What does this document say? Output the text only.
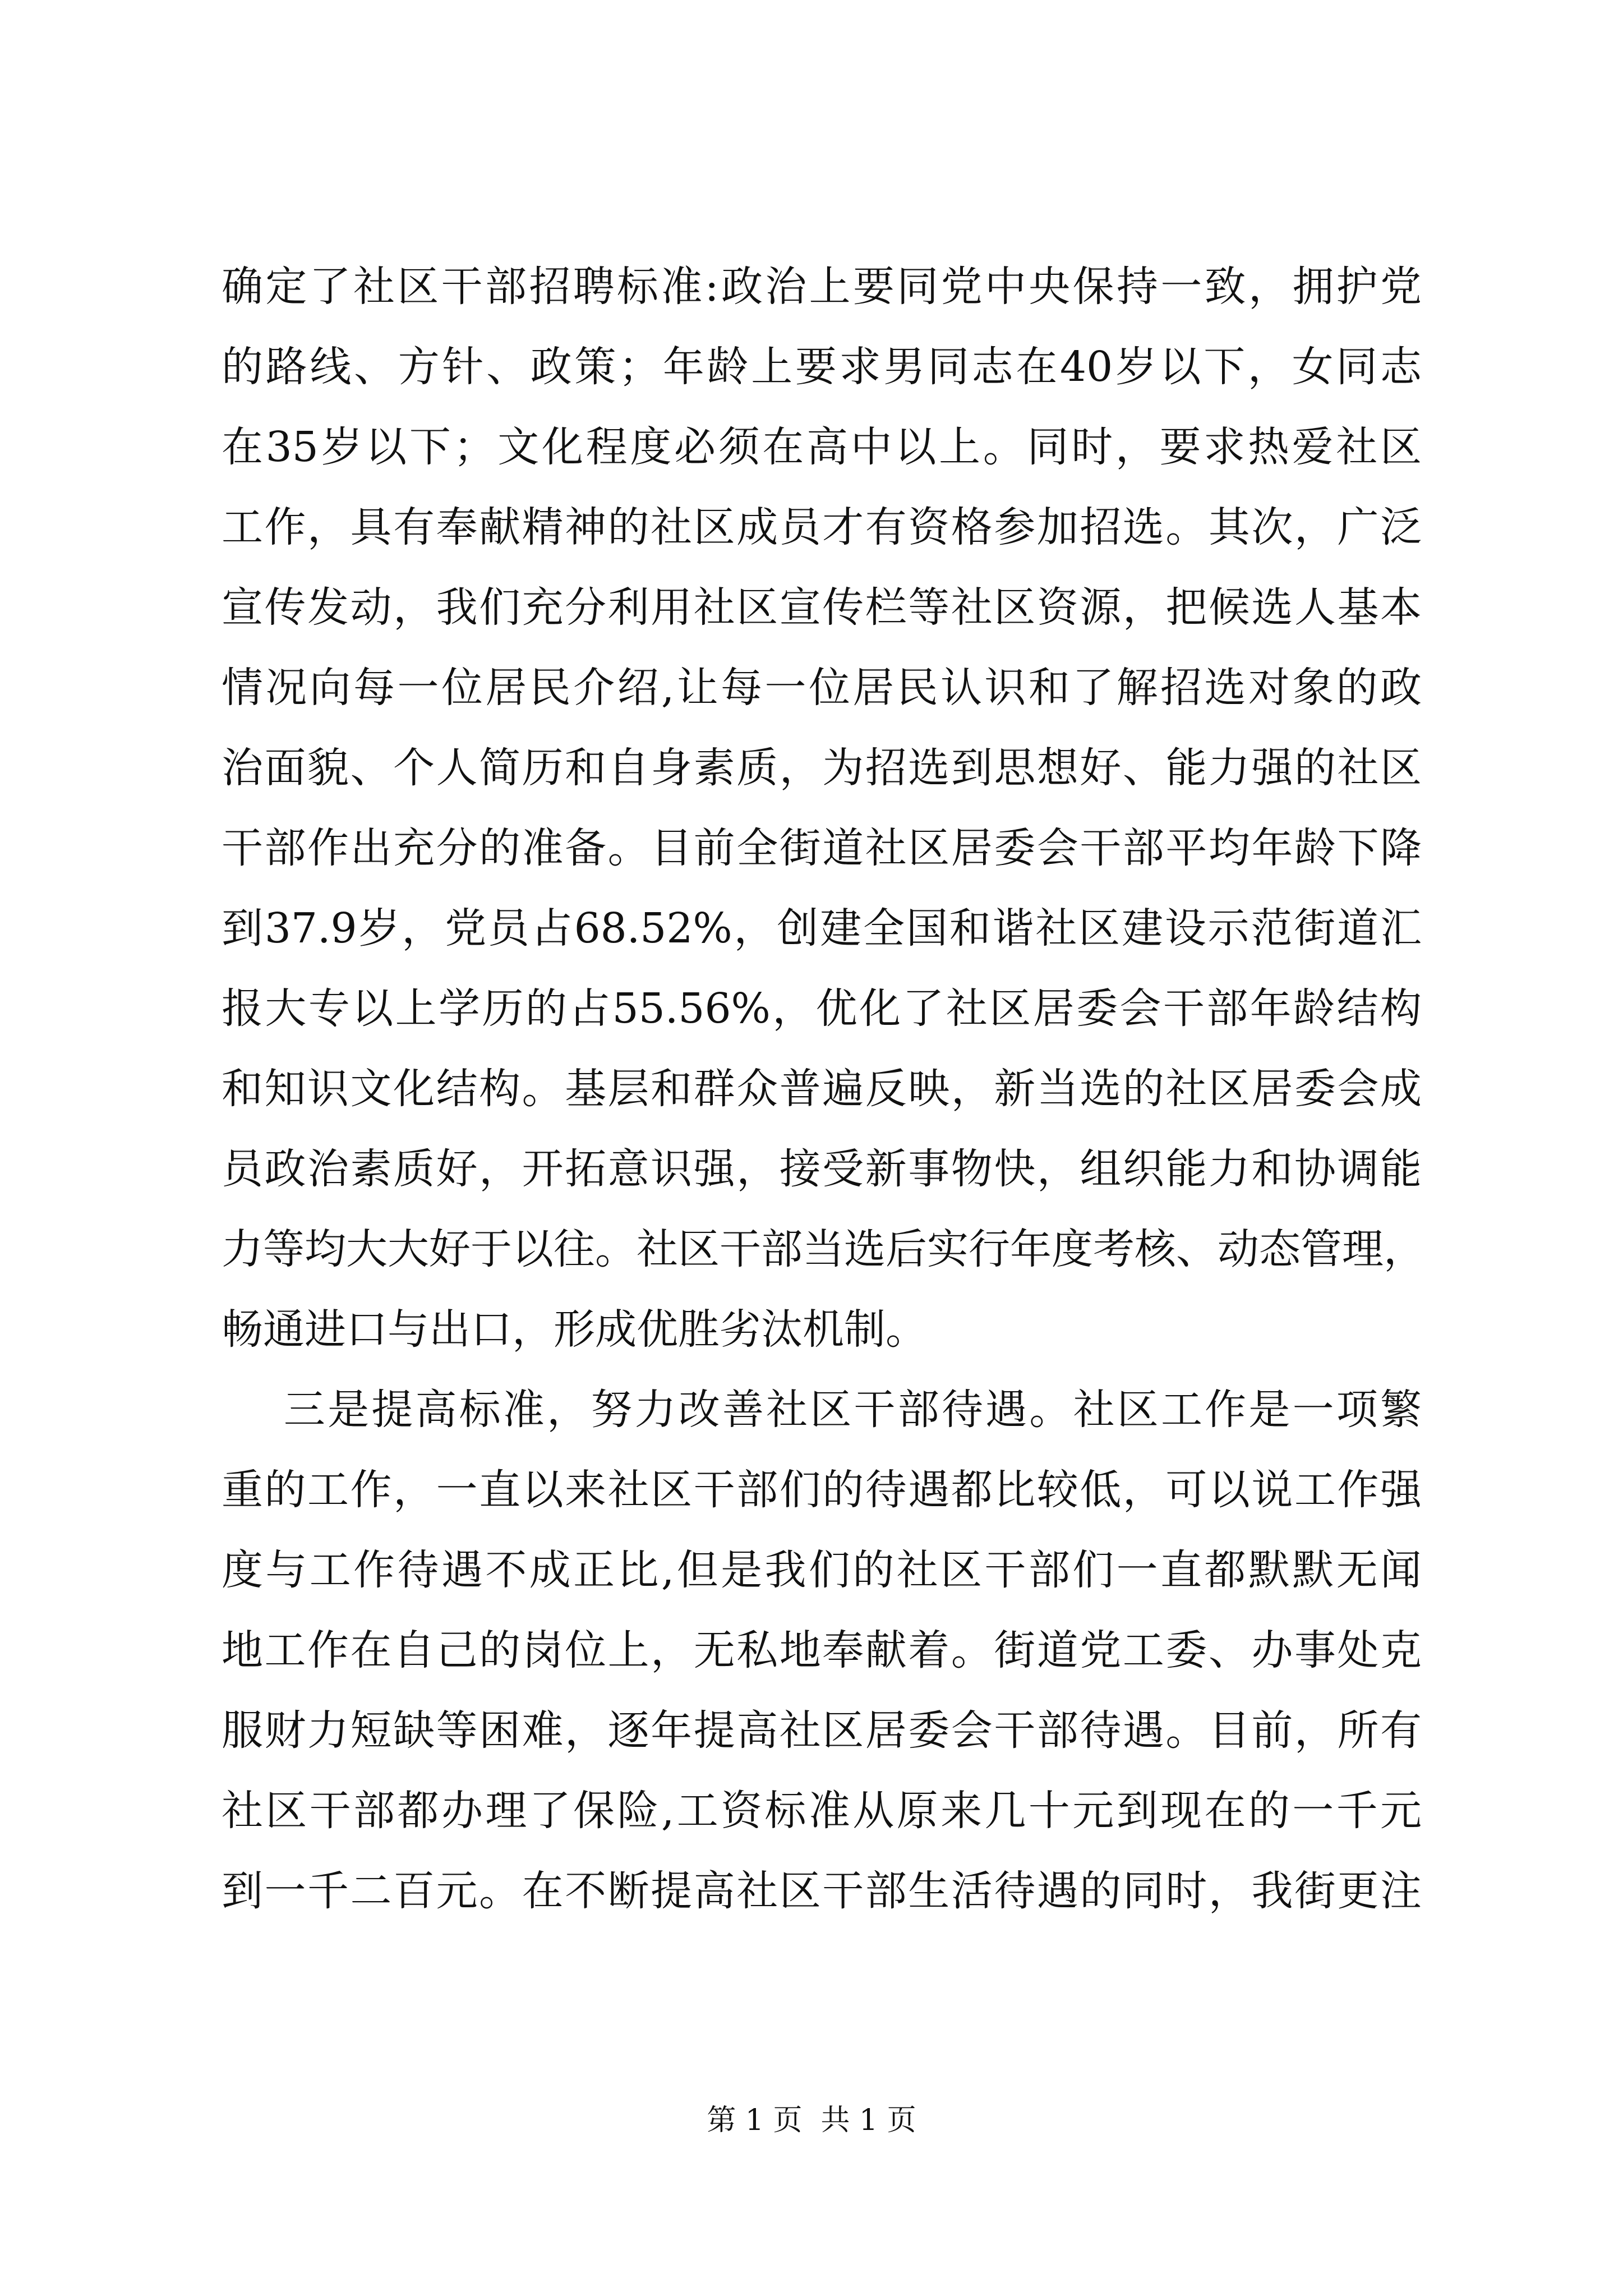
确定了社区干部招聘标准:政治上要同党中央保持一致，拥护党
的路线、方针、政策；年龄上要求男同志在40岁以下，女同志
在35岁以下；文化程度必须在高中以上。同时，要求热爱社区
工作，具有奉献精神的社区成员才有资格参加招选。其次，广泛
宣传发动，我们充分利用社区宣传栏等社区资源，把候选人基本
情况向每一位居民介绍,让每一位居民认识和了解招选对象的政
治面貌、个人简历和自身素质，为招选到思想好、能力强的社区
干部作出充分的准备。目前全街道社区居委会干部平均年龄下降
到37.9岁，党员占68.52%，创建全国和谐社区建设示范街道汇
报大专以上学历的占55.56%，优化了社区居委会干部年龄结构
和知识文化结构。基层和群众普遍反映，新当选的社区居委会成
员政治素质好，开拓意识强，接受新事物快，组织能力和协调能
力等均大大好于以往。社区干部当选后实行年度考核、动态管理，
畅通进口与出口，形成优胜劣汰机制。
三是提高标准，努力改善社区干部待遇。社区工作是一项繁
重的工作，一直以来社区干部们的待遇都比较低，可以说工作强
度与工作待遇不成正比,但是我们的社区干部们一直都默默无闻
地工作在自己的岗位上，无私地奉献着。街道党工委、办事处克
服财力短缺等困难，逐年提高社区居委会干部待遇。目前，所有
社区干部都办理了保险,工资标准从原来几十元到现在的一千元
到一千二百元。在不断提高社区干部生活待遇的同时，我街更注
第 1 页  共 1 页
